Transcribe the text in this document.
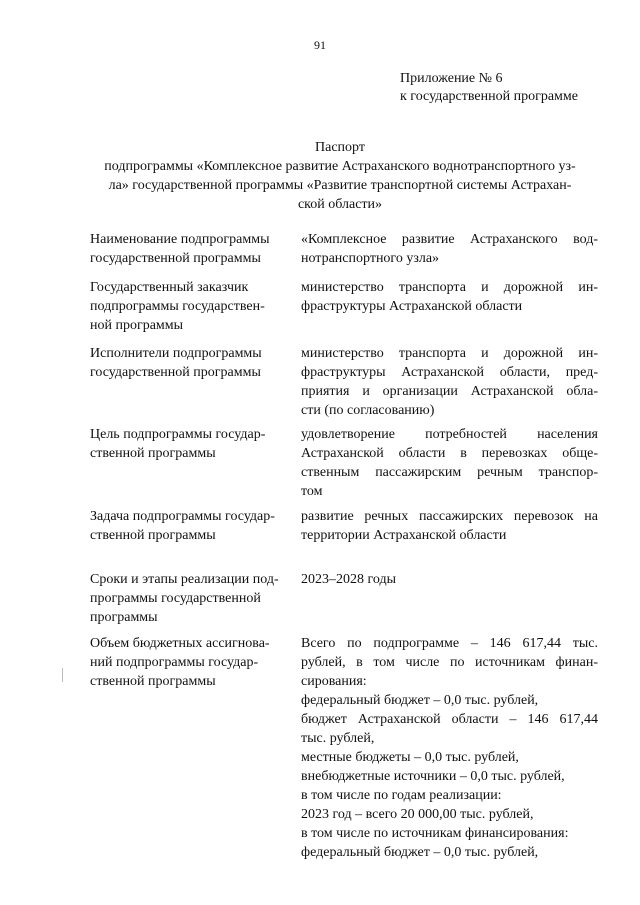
91
Приложение № 6
к государственной программе
Паспорт
подпрограммы «Комплексное развитие Астраханского воднотранспортного уз-
ла» государственной программы «Развитие транспортной системы Астрахан-
ской области»
Наименование подпрограммы
государственной программы
«Комплексное развитие Астраханского вод-
нотранспортного узла»
Государственный заказчик
подпрограммы государствен-
ной программы
министерство транспорта и дорожной ин-
фраструктуры Астраханской области
Исполнители подпрограммы
государственной программы
министерство транспорта и дорожной ин-
фраструктуры Астраханской области, пред-
приятия и организации Астраханской обла-
сти (по согласованию)
Цель подпрограммы государ-
ственной программы
удовлетворение потребностей населения
Астраханской области в перевозках обще-
ственным пассажирским речным транспор-
том
Задача подпрограммы государ-
ственной программы
развитие речных пассажирских перевозок на
территории Астраханской области
Сроки и этапы реализации под-
программы государственной
программы
2023–2028 годы
Объем бюджетных ассигнова-
ний подпрограммы государ-
ственной программы
Всего по подпрограмме – 146 617,44 тыс.
рублей, в том числе по источникам финан-
сирования:
федеральный бюджет – 0,0 тыс. рублей,
бюджет Астраханской области – 146 617,44
тыс. рублей,
местные бюджеты – 0,0 тыс. рублей,
внебюджетные источники – 0,0 тыс. рублей,
в том числе по годам реализации:
2023 год – всего 20 000,00 тыс. рублей,
в том числе по источникам финансирования:
федеральный бюджет – 0,0 тыс. рублей,
